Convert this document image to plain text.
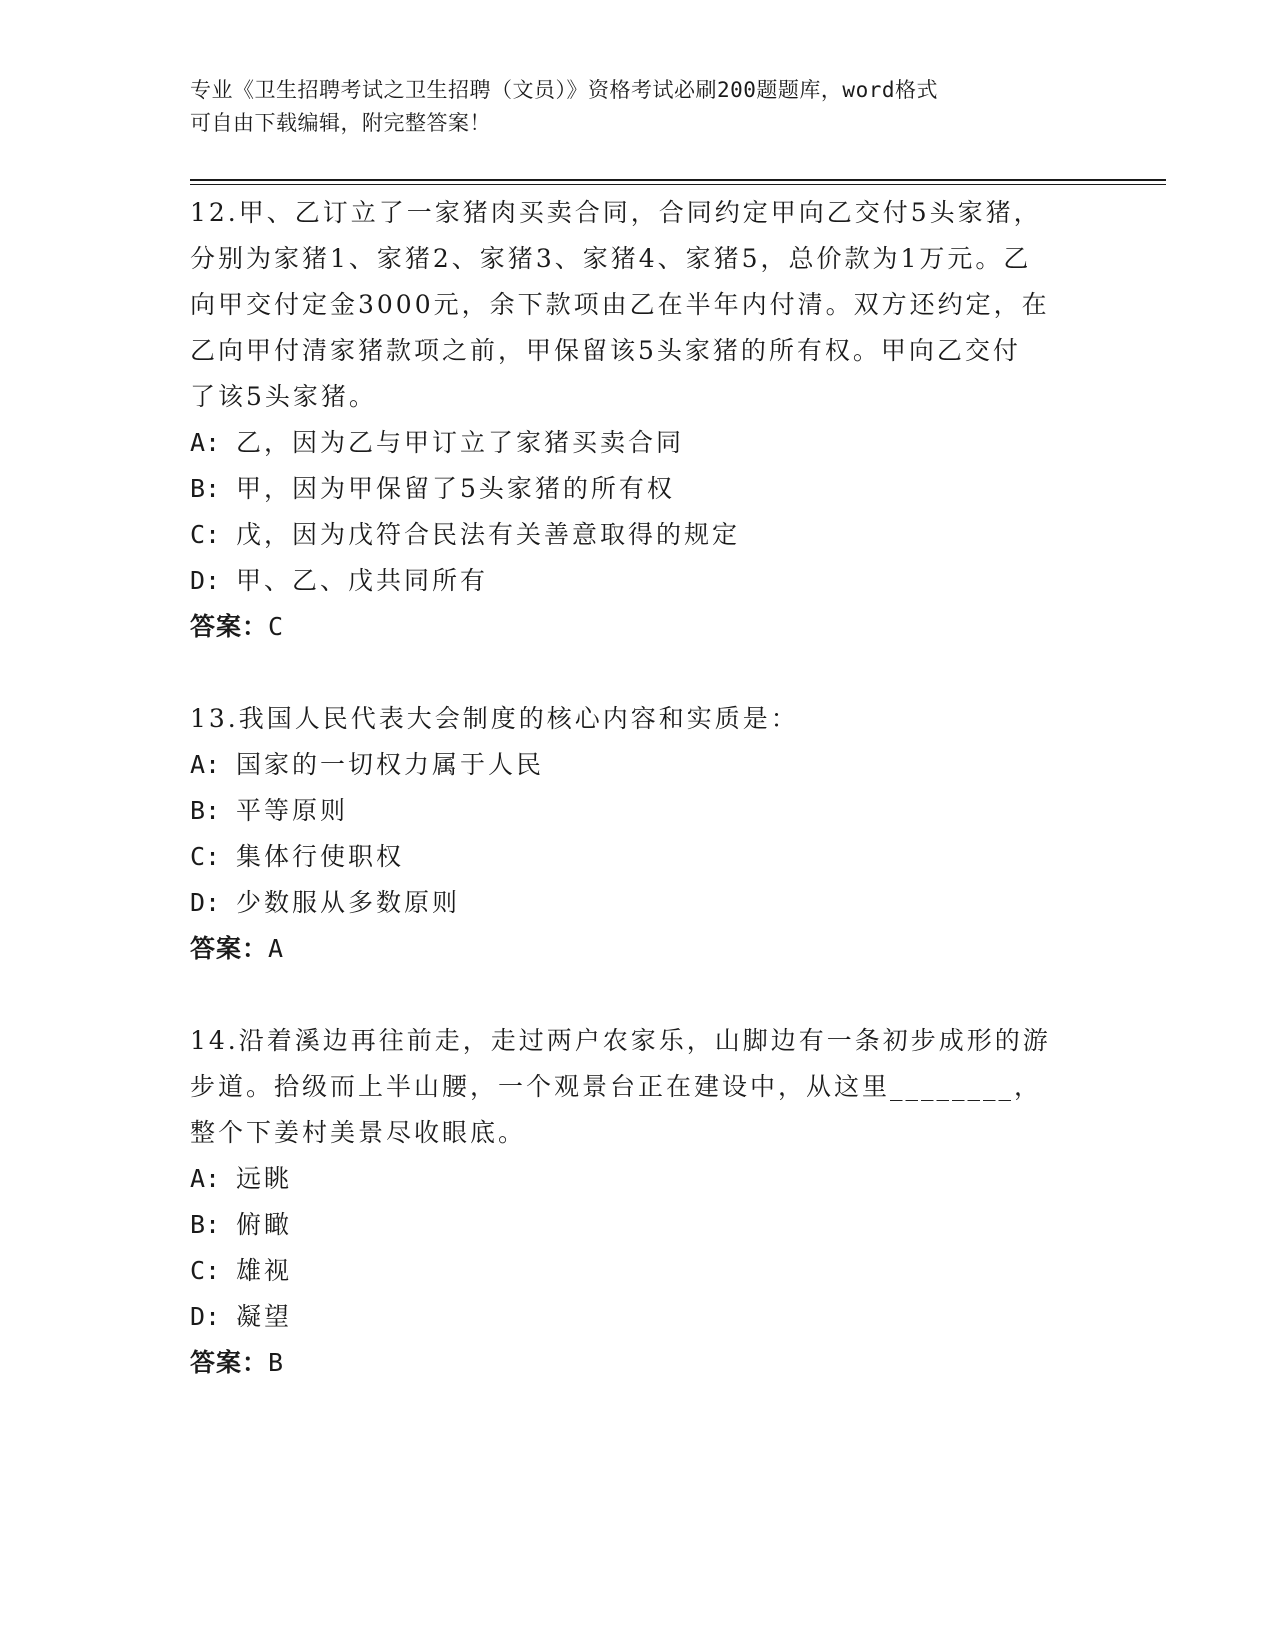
专业《卫生招聘考试之卫生招聘（文员）》资格考试必刷200题题库，word格式
可自由下载编辑，附完整答案！
12.甲、乙订立了一家猪肉买卖合同，合同约定甲向乙交付5头家猪，
分别为家猪1、家猪2、家猪3、家猪4、家猪5，总价款为1万元。乙
向甲交付定金3000元，余下款项由乙在半年内付清。双方还约定，在
乙向甲付清家猪款项之前，甲保留该5头家猪的所有权。甲向乙交付
了该5头家猪。
A: 乙，因为乙与甲订立了家猪买卖合同
B: 甲，因为甲保留了5头家猪的所有权
C: 戊，因为戊符合民法有关善意取得的规定
D: 甲、乙、戊共同所有
答案：C
13.我国人民代表大会制度的核心内容和实质是：
A: 国家的一切权力属于人民
B: 平等原则
C: 集体行使职权
D: 少数服从多数原则
答案：A
14.沿着溪边再往前走，走过两户农家乐，山脚边有一条初步成形的游
步道。拾级而上半山腰，一个观景台正在建设中，从这里________，
整个下姜村美景尽收眼底。
A: 远眺
B: 俯瞰
C: 雄视
D: 凝望
答案：B
